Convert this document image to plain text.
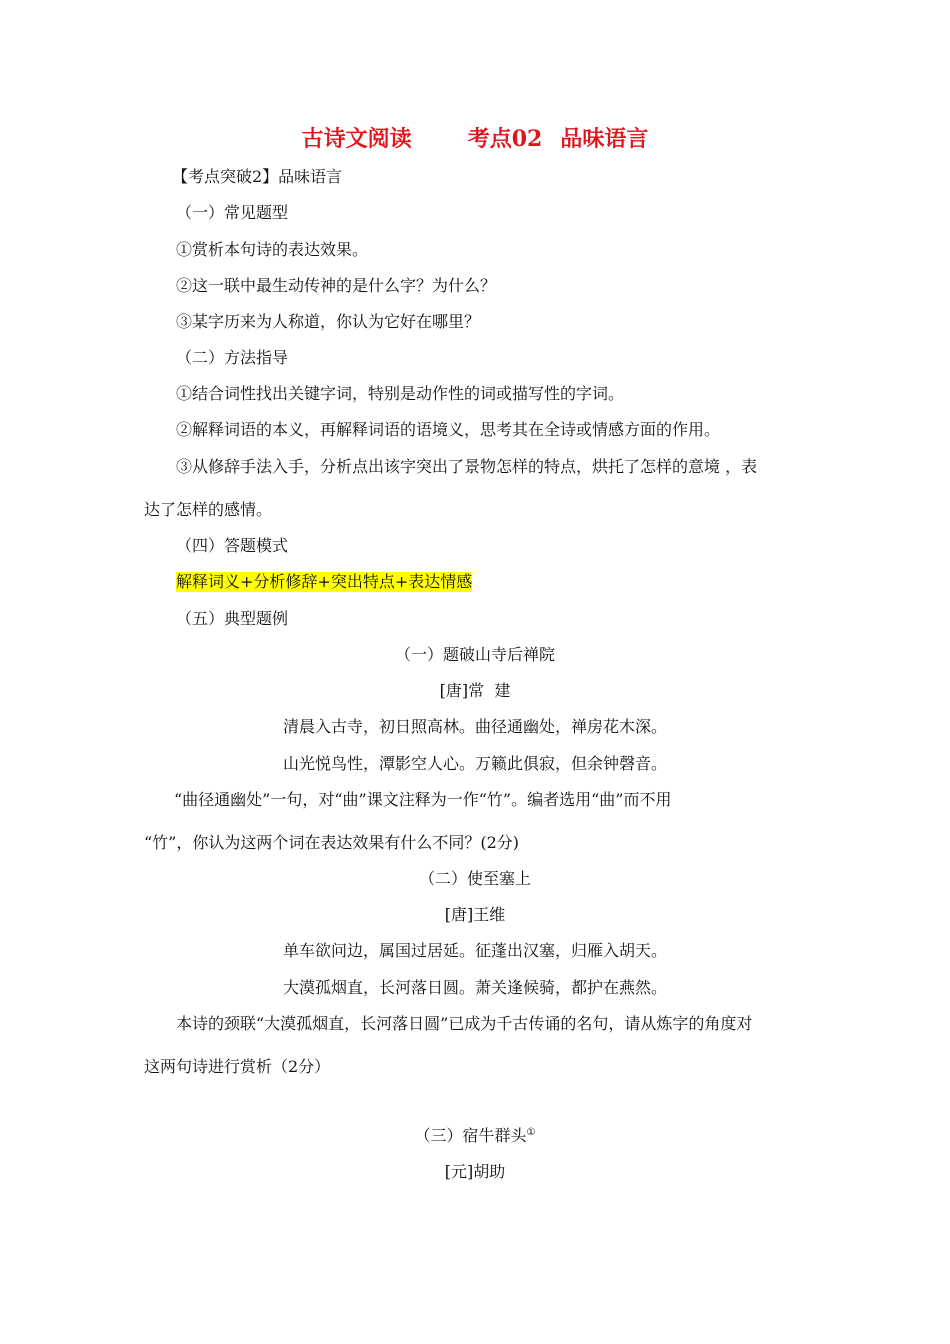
古诗文阅读	考点02 品味语言
【考点突破2】品味语言
（一）常见题型
①赏析本句诗的表达效果。
②这一联中最生动传神的是什么字？为什么？
③某字历来为人称道，你认为它好在哪里？
（二）方法指导
①结合词性找出关键字词，特别是动作性的词或描写性的字词。
②解释词语的本义，再解释词语的语境义，思考其在全诗或情感方面的作用。
③从修辞手法入手，分析点出该字突出了景物怎样的特点，烘托了怎样的意境 ，表
达了怎样的感情。
（四）答题模式
解释词义+分析修辞+突出特点+表达情感
（五）典型题例
（一）题破山寺后禅院
[唐]常  建
清晨入古寺，初日照高林。曲径通幽处，禅房花木深。
山光悦鸟性，潭影空人心。万籁此俱寂，但余钟磬音。
“曲径通幽处”一句，对“曲”课文注释为一作“竹”。编者选用“曲”而不用
“竹”，你认为这两个词在表达效果有什么不同？(2分)
（二）使至塞上
[唐]王维
单车欲问边，属国过居延。征蓬出汉塞，归雁入胡天。
大漠孤烟直，长河落日圆。萧关逢候骑，都护在燕然。
本诗的颈联“大漠孤烟直，长河落日圆”已成为千古传诵的名句，请从炼字的角度对
这两句诗进行赏析（2分）
（三）宿牛群头①
[元]胡助
